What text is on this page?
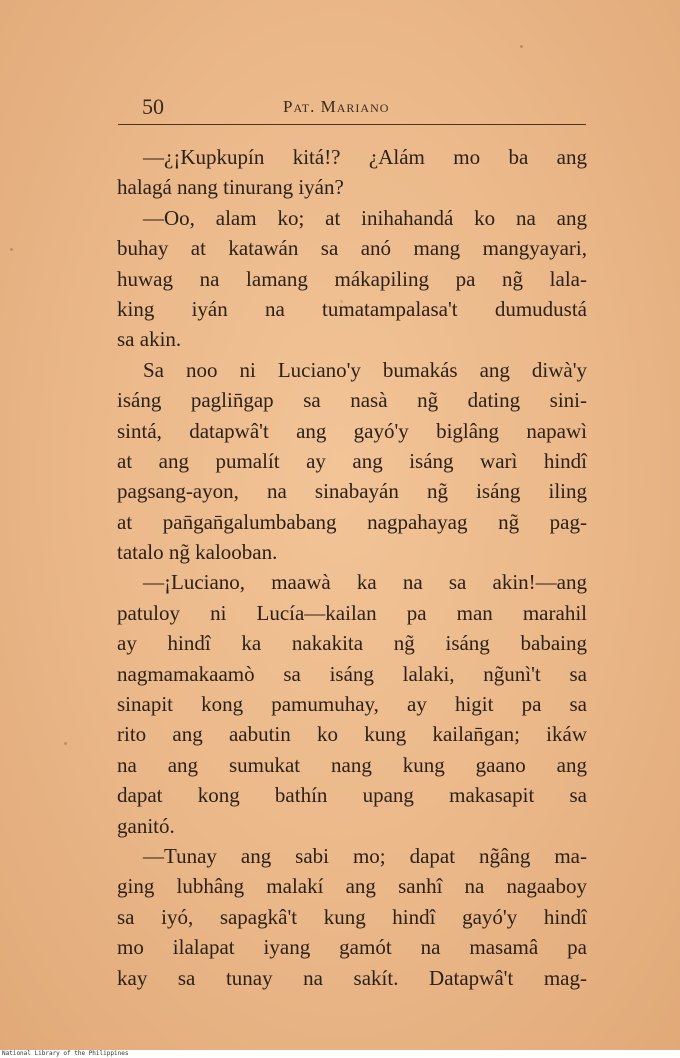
50	Pat. Mariano
—¿¡Kupkupín kitá!? ¿Alám mo ba ang
halagá nang tinurang iyán?
—Oo, alam ko; at inihahandá ko na ang
buhay at katawán sa anó mang mangyayari,
huwag na lamang mákapiling pa ng̃ lala-
king iyán na tumatampalasa't dumudustá
sa akin.
Sa noo ni Luciano'y bumakás ang diwà'y
isáng paglin̄gap sa nasà ng̃ dating sini-
sintá, datapwâ't ang gayó'y biglâng napawì
at ang pumalít ay ang isáng warì hindî
pagsang-ayon, na sinabayán ng̃ isáng iling
at pan̄gan̄galumbabang nagpahayag ng̃ pag-
tatalo ng̃ kalooban.
—¡Luciano, maawà ka na sa akin!—ang
patuloy ni Lucía—kailan pa man marahil
ay hindî ka nakakita ng̃ isáng babaing
nagmamakaamò sa isáng lalaki, ng̃unì't sa
sinapit kong pamumuhay, ay higit pa sa
rito ang aabutin ko kung kailan̄gan; ikáw
na ang sumukat nang kung gaano ang
dapat kong bathín upang makasapit sa
ganitó.
—Tunay ang sabi mo; dapat ng̃âng ma-
ging lubhâng malakí ang sanhî na nagaaboy
sa iyó, sapagkâ't kung hindî gayó'y hindî
mo ilalapat iyang gamót na masamâ pa
kay sa tunay na sakít. Datapwâ't mag-
National Library of the Philippines
